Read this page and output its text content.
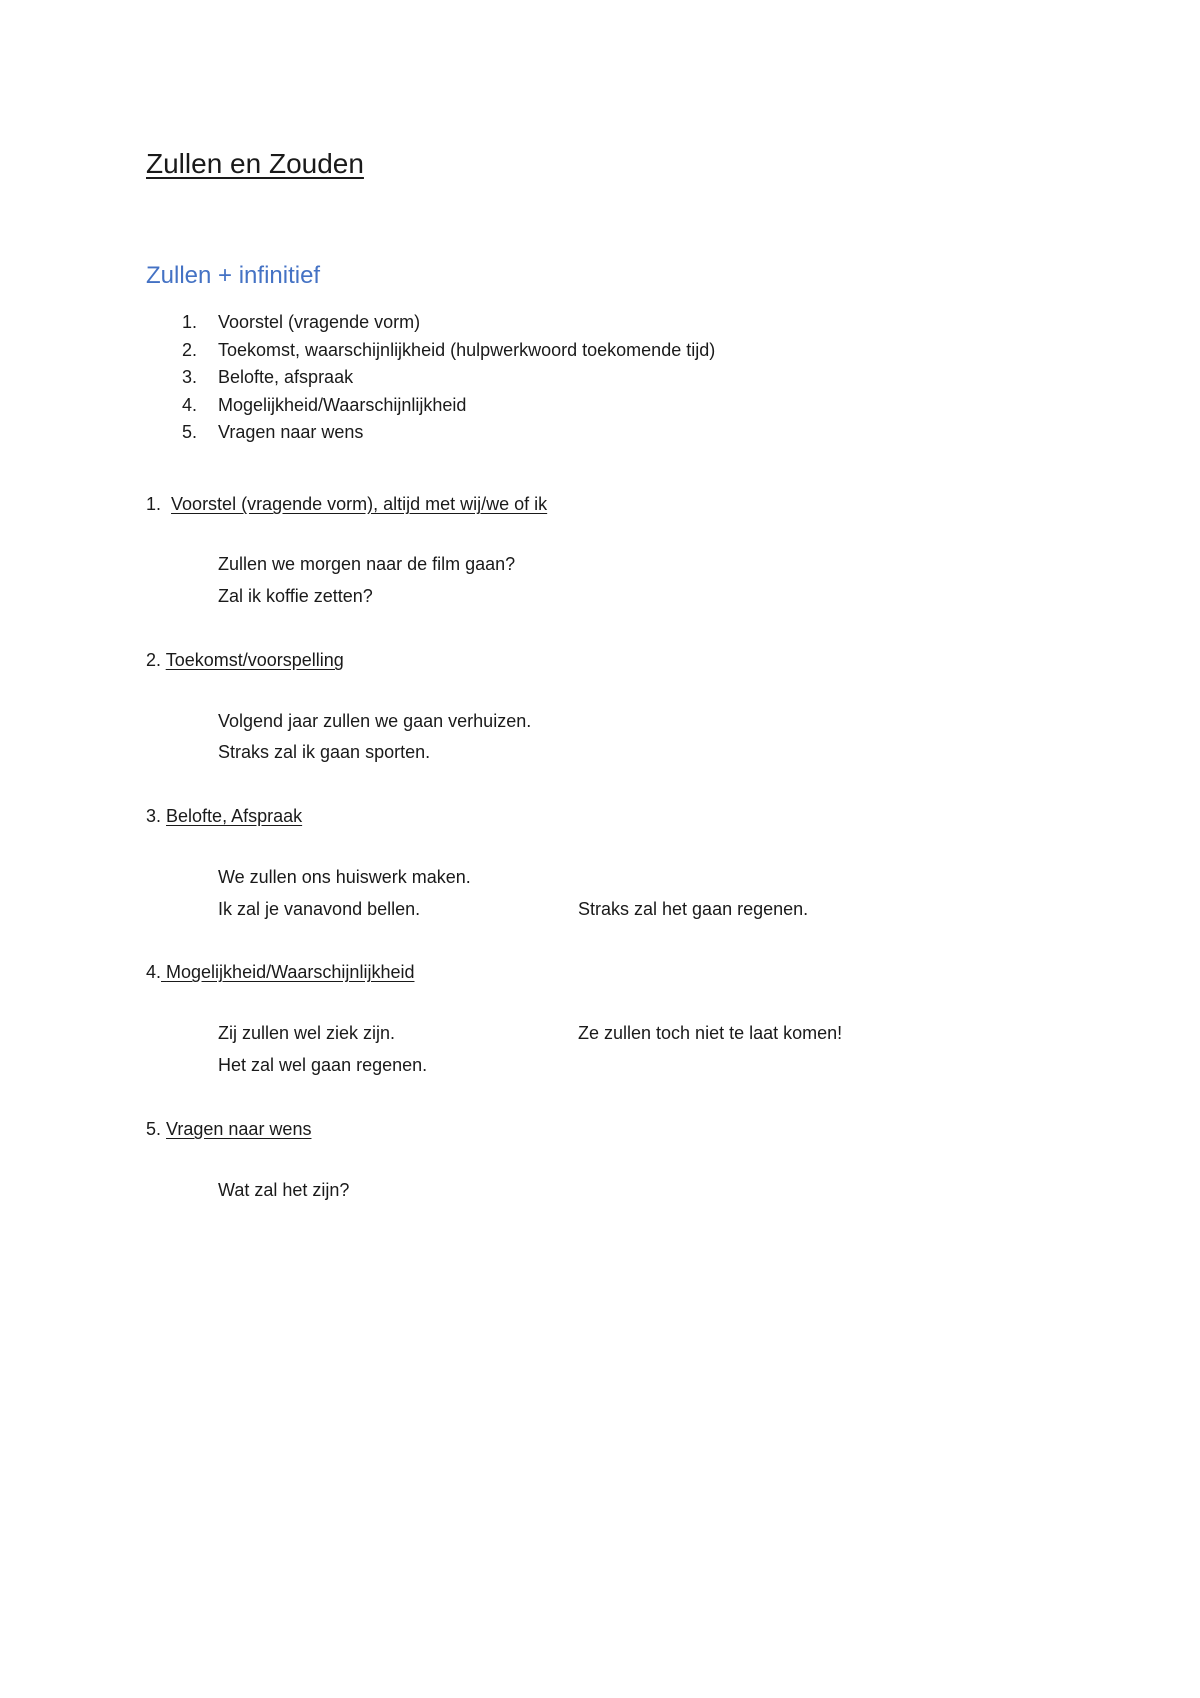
Zullen en Zouden
Zullen + infinitief
1.	Voorstel (vragende vorm)
2.	Toekomst, waarschijnlijkheid (hulpwerkwoord toekomende tijd)
3.	Belofte, afspraak
4.	Mogelijkheid/Waarschijnlijkheid
5.	Vragen naar wens

1. Voorstel (vragende vorm), altijd met wij/we of ik

Zullen we morgen naar de film gaan?

Zal ik koffie zetten?

2. Toekomst/voorspelling

Volgend jaar zullen we gaan verhuizen.

Straks zal ik gaan sporten.

3. Belofte, Afspraak

We zullen ons huiswerk maken.

Ik zal je vanavond bellen.	Straks zal het gaan regenen.

4. Mogelijkheid/Waarschijnlijkheid

Zij zullen wel ziek zijn.	Ze zullen toch niet te laat komen!

Het zal wel gaan regenen.

5. Vragen naar wens

Wat zal het zijn?
